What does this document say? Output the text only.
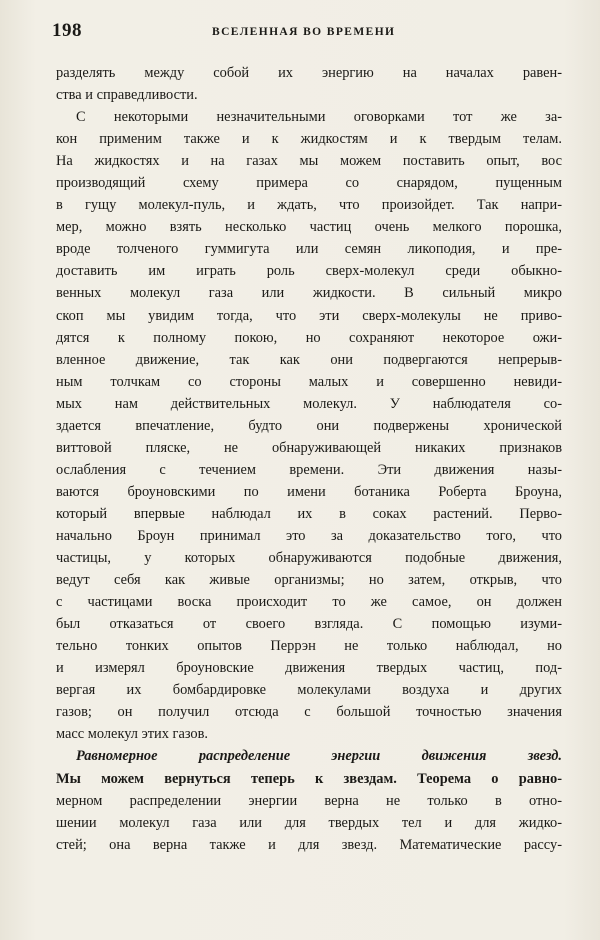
198	ВСЕЛЕННАЯ ВО ВРЕМЕНИ
разделять между собой их энергию на началах равен-
ства и справедливости.
С некоторыми незначительными оговорками тот же за-
кон применим также и к жидкостям и к твердым телам.
На жидкостях и на газах мы можем поставить опыт, вос
производящий схему примера со снарядом, пущенным
в гущу молекул-пуль, и ждать, что произойдет. Так напри-
мер, можно взять несколько частиц очень мелкого порошка,
вроде толченого гуммигута или семян ликоподия, и пре-
доставить им играть роль сверх-молекул среди обыкно-
венных молекул газа или жидкости. В сильный микро
скоп мы увидим тогда, что эти сверх-молекулы не приво-
дятся к полному покою, но сохраняют некоторое ожи-
вленное движение, так как они подвергаются непрерыв-
ным толчкам со стороны малых и совершенно невиди-
мых нам действительных молекул. У наблюдателя со-
здается впечатление, будто они подвержены хронической
виттовой пляске, не обнаруживающей никаких признаков
ослабления с течением времени. Эти движения назы-
ваются броуновскими по имени ботаника Роберта Броуна,
который впервые наблюдал их в соках растений. Перво-
начально Броун принимал это за доказательство того, что
частицы, у которых обнаруживаются подобные движения,
ведут себя как живые организмы; но затем, открыв, что
с частицами воска происходит то же самое, он должен
был отказаться от своего взгляда. С помощью изуми-
тельно тонких опытов Перрэн не только наблюдал, но
и измерял броуновские движения твердых частиц, под-
вергая их бомбардировке молекулами воздуха и других
газов; он получил отсюда с большой точностью значения
масс молекул этих газов.
Равномерное распределение энергии движения звезд.
Мы можем вернуться теперь к звездам. Теорема о равно-
мерном распределении энергии верна не только в отно-
шении молекул газа или для твердых тел и для жидко-
стей; она верна также и для звезд. Математические рассу-
